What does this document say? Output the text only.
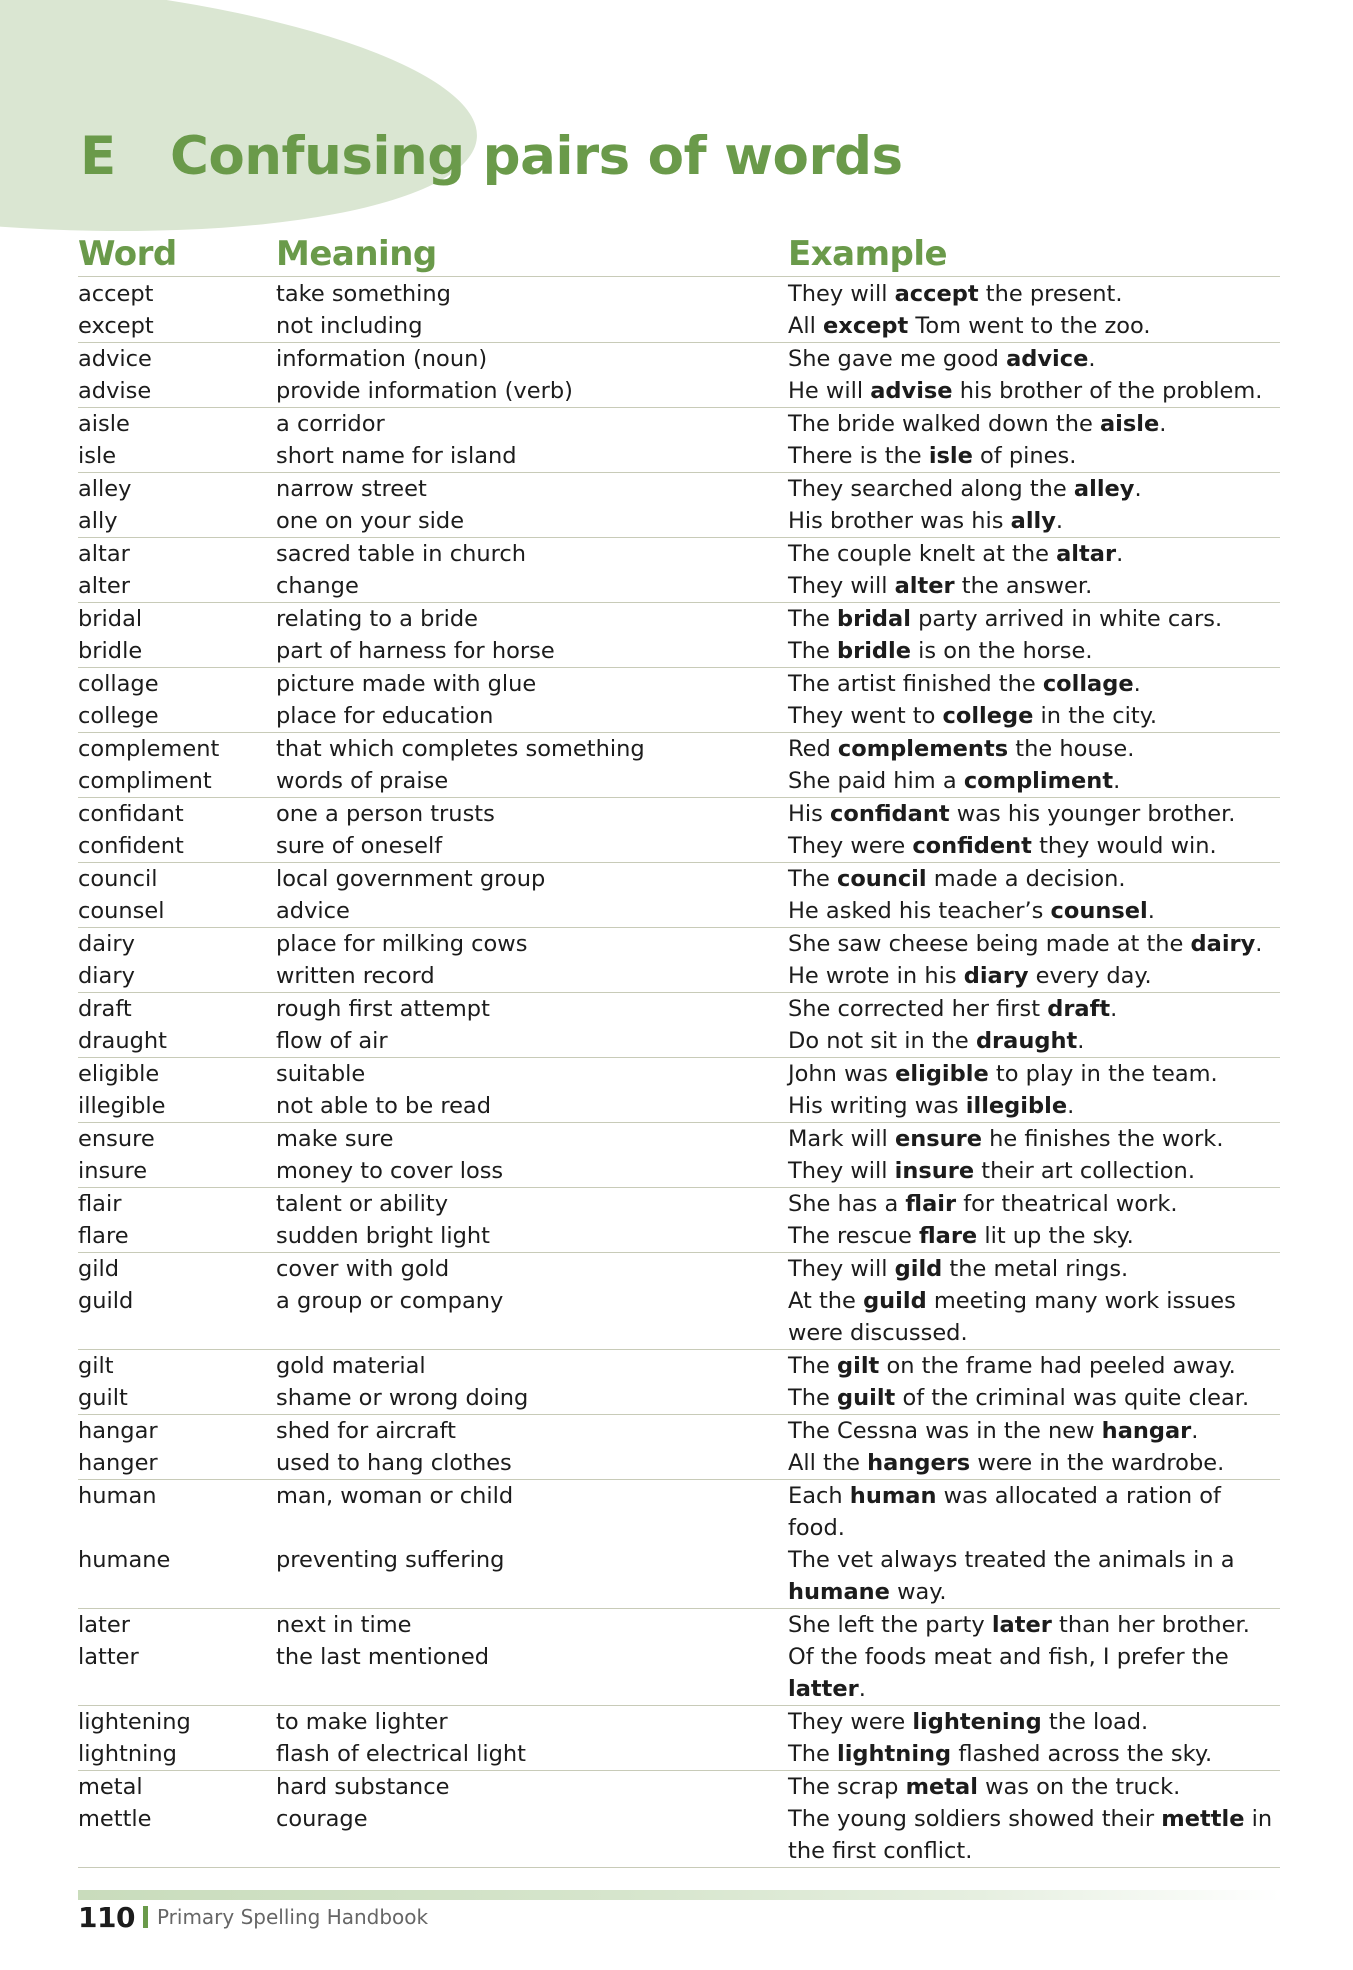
E Confusing pairs of words
Word	Meaning	Example
accept	take something	They will accept the present.
except	not including	All except Tom went to the zoo.
advice	information (noun)	She gave me good advice.
advise	provide information (verb)	He will advise his brother of the problem.
aisle	a corridor	The bride walked down the aisle.
isle	short name for island	There is the isle of pines.
alley	narrow street	They searched along the alley.
ally	one on your side	His brother was his ally.
altar	sacred table in church	The couple knelt at the altar.
alter	change	They will alter the answer.
bridal	relating to a bride	The bridal party arrived in white cars.
bridle	part of harness for horse	The bridle is on the horse.
collage	picture made with glue	The artist finished the collage.
college	place for education	They went to college in the city.
complement	that which completes something	Red complements the house.
compliment	words of praise	She paid him a compliment.
confidant	one a person trusts	His confidant was his younger brother.
confident	sure of oneself	They were confident they would win.
council	local government group	The council made a decision.
counsel	advice	He asked his teacher’s counsel.
dairy	place for milking cows	She saw cheese being made at the dairy.
diary	written record	He wrote in his diary every day.
draft	rough first attempt	She corrected her first draft.
draught	flow of air	Do not sit in the draught.
eligible	suitable	John was eligible to play in the team.
illegible	not able to be read	His writing was illegible.
ensure	make sure	Mark will ensure he finishes the work.
insure	money to cover loss	They will insure their art collection.
flair	talent or ability	She has a flair for theatrical work.
flare	sudden bright light	The rescue flare lit up the sky.
gild	cover with gold	They will gild the metal rings.
guild	a group or company	At the guild meeting many work issues were discussed.
gilt	gold material	The gilt on the frame had peeled away.
guilt	shame or wrong doing	The guilt of the criminal was quite clear.
hangar	shed for aircraft	The Cessna was in the new hangar.
hanger	used to hang clothes	All the hangers were in the wardrobe.
human	man, woman or child	Each human was allocated a ration of food.
humane	preventing suffering	The vet always treated the animals in a humane way.
later	next in time	She left the party later than her brother.
latter	the last mentioned	Of the foods meat and fish, I prefer the latter.
lightening	to make lighter	They were lightening the load.
lightning	flash of electrical light	The lightning flashed across the sky.
metal	hard substance	The scrap metal was on the truck.
mettle	courage	The young soldiers showed their mettle in the first conflict.
110 Primary Spelling Handbook
